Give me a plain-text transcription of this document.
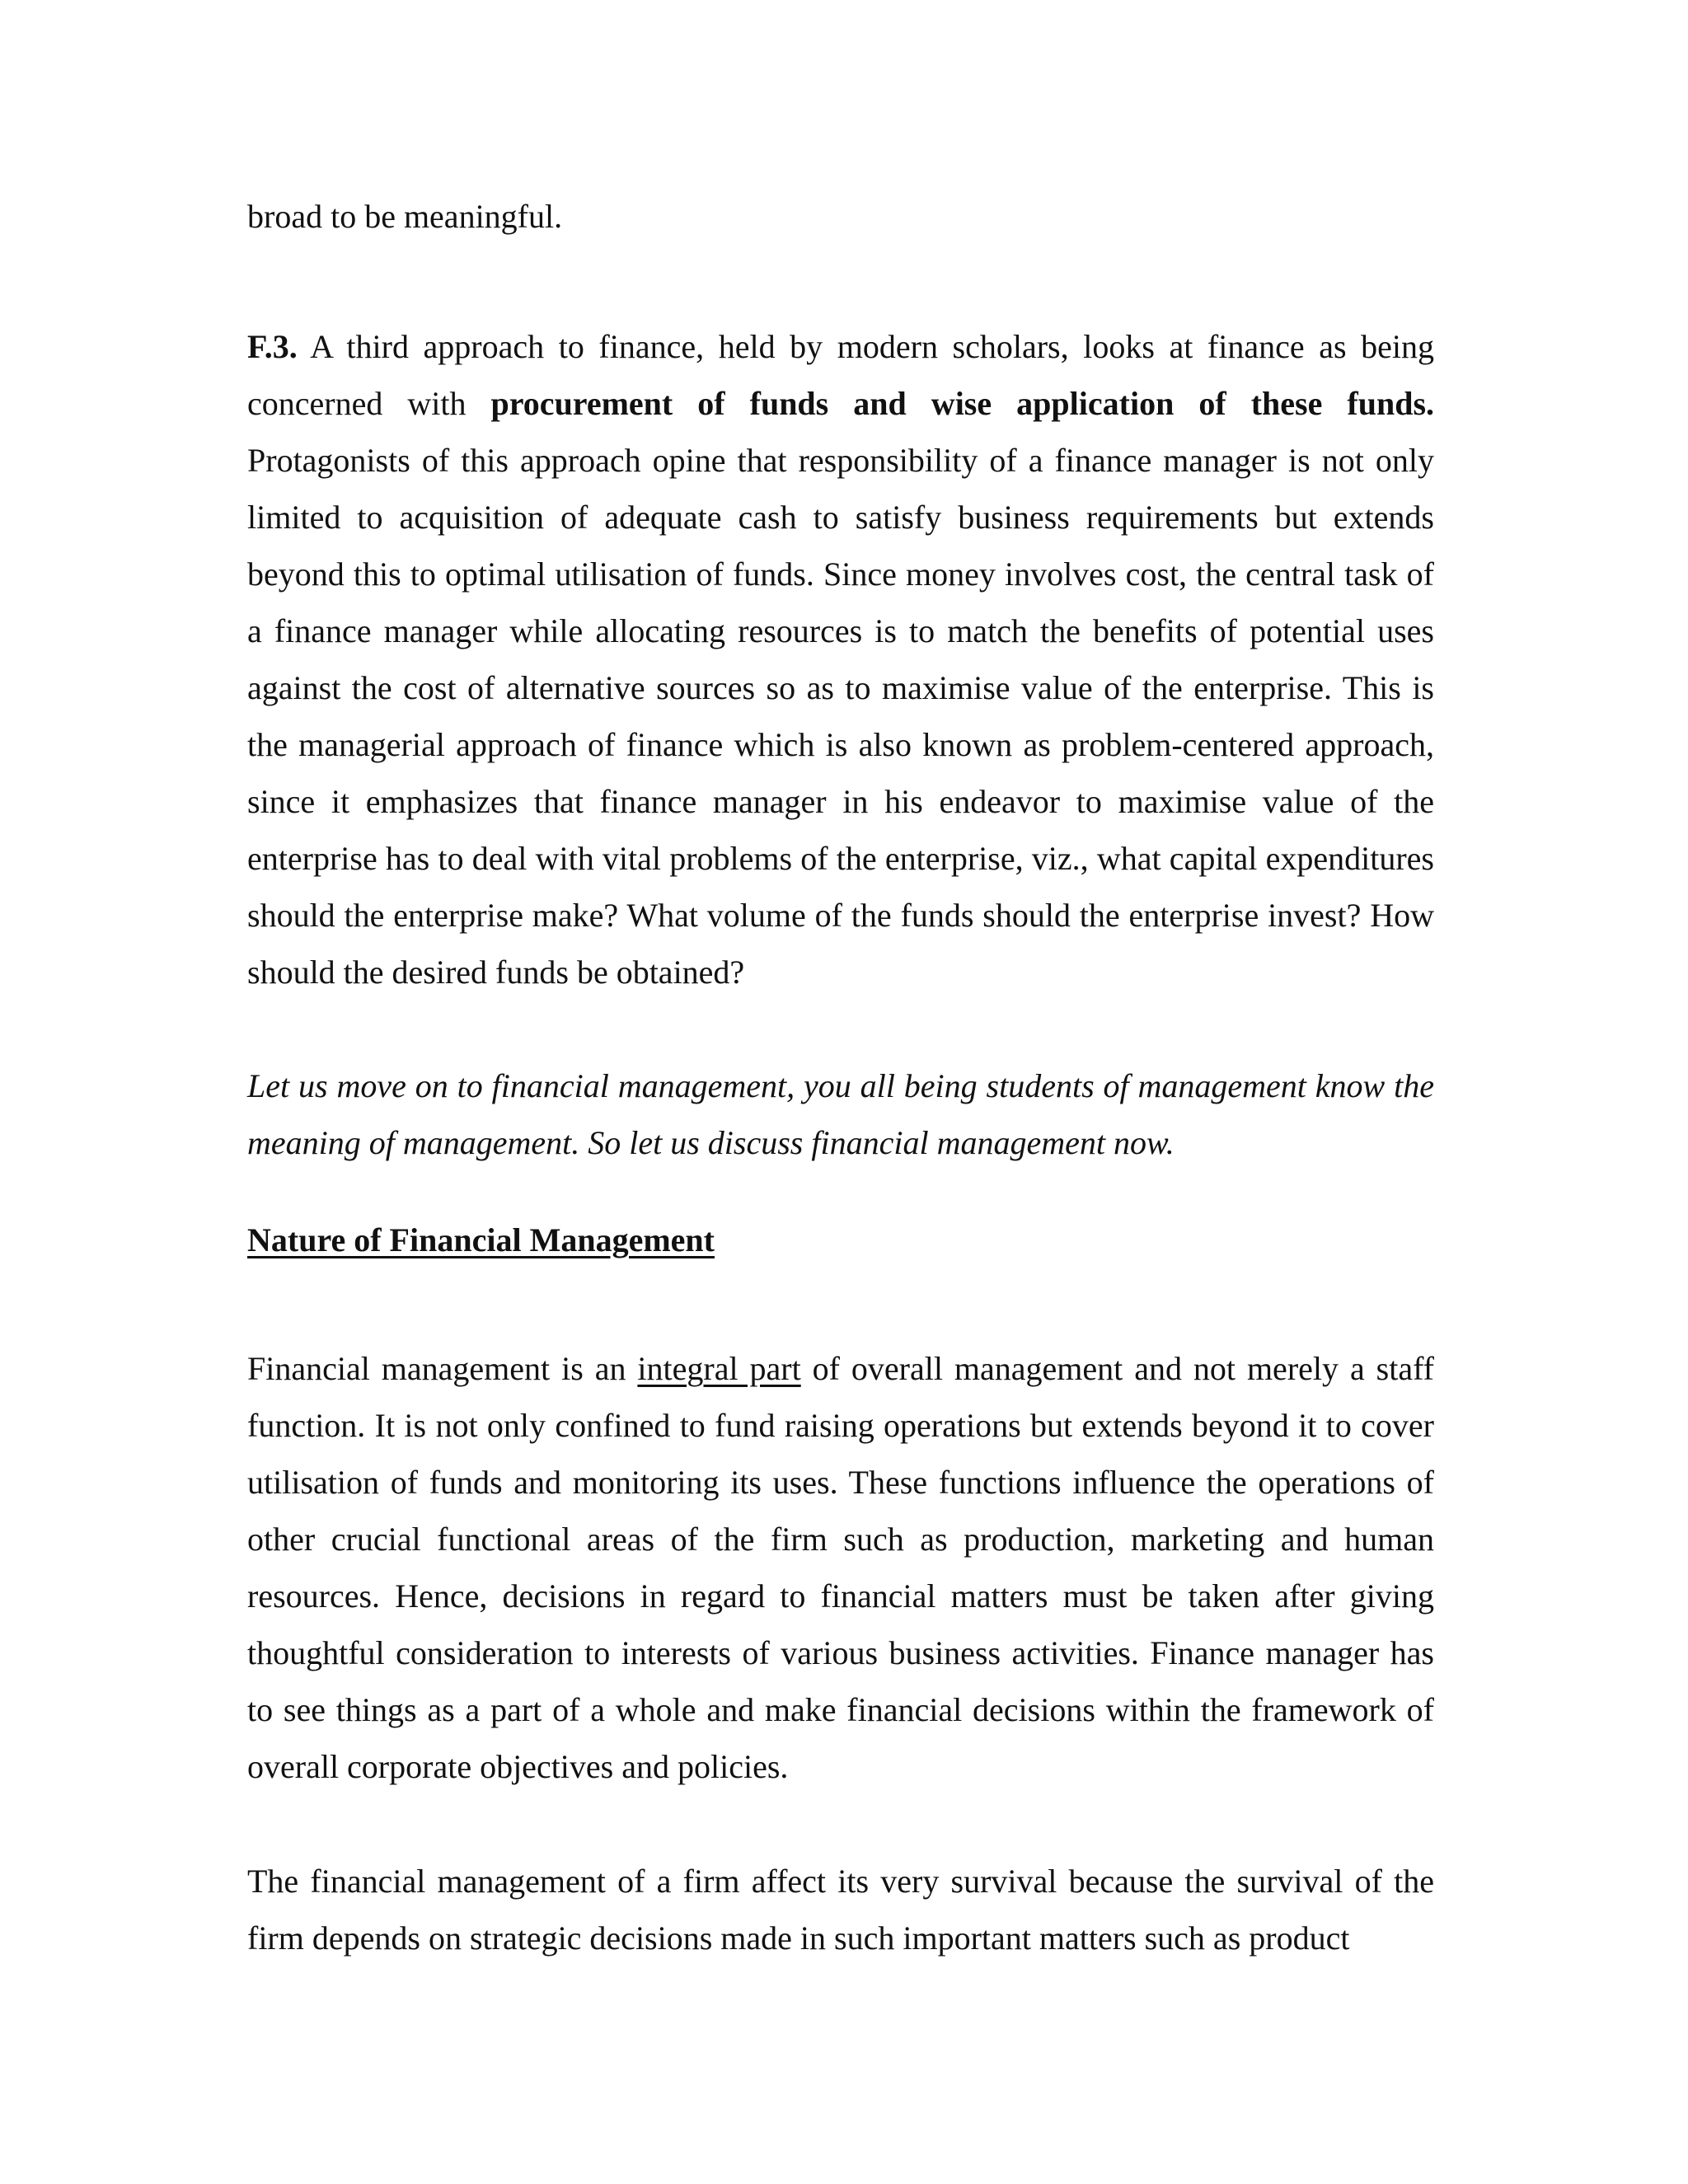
broad to be meaningful.

F.3. A third approach to finance, held by modern scholars, looks at finance as being concerned with procurement of funds and wise application of these funds. Protagonists of this approach opine that responsibility of a finance manager is not only limited to acquisition of adequate cash to satisfy business requirements but extends beyond this to optimal utilisation of funds. Since money involves cost, the central task of a finance manager while allocating resources is to match the benefits of potential uses against the cost of alternative sources so as to maximise value of the enterprise. This is the managerial approach of finance which is also known as problem-centered approach, since it emphasizes that finance manager in his endeavor to maximise value of the enterprise has to deal with vital problems of the enterprise, viz., what capital expenditures should the enterprise make? What volume of the funds should the enterprise invest? How should the desired funds be obtained?

Let us move on to financial management, you all being students of management know the meaning of management. So let us discuss financial management now.

Nature of Financial Management

Financial management is an integral part of overall management and not merely a staff function. It is not only confined to fund raising operations but extends beyond it to cover utilisation of funds and monitoring its uses. These functions influence the operations of other crucial functional areas of the firm such as production, marketing and human resources. Hence, decisions in regard to financial matters must be taken after giving thoughtful consideration to interests of various business activities. Finance manager has to see things as a part of a whole and make financial decisions within the framework of overall corporate objectives and policies.

The financial management of a firm affect its very survival because the survival of the firm depends on strategic decisions made in such important matters such as product
